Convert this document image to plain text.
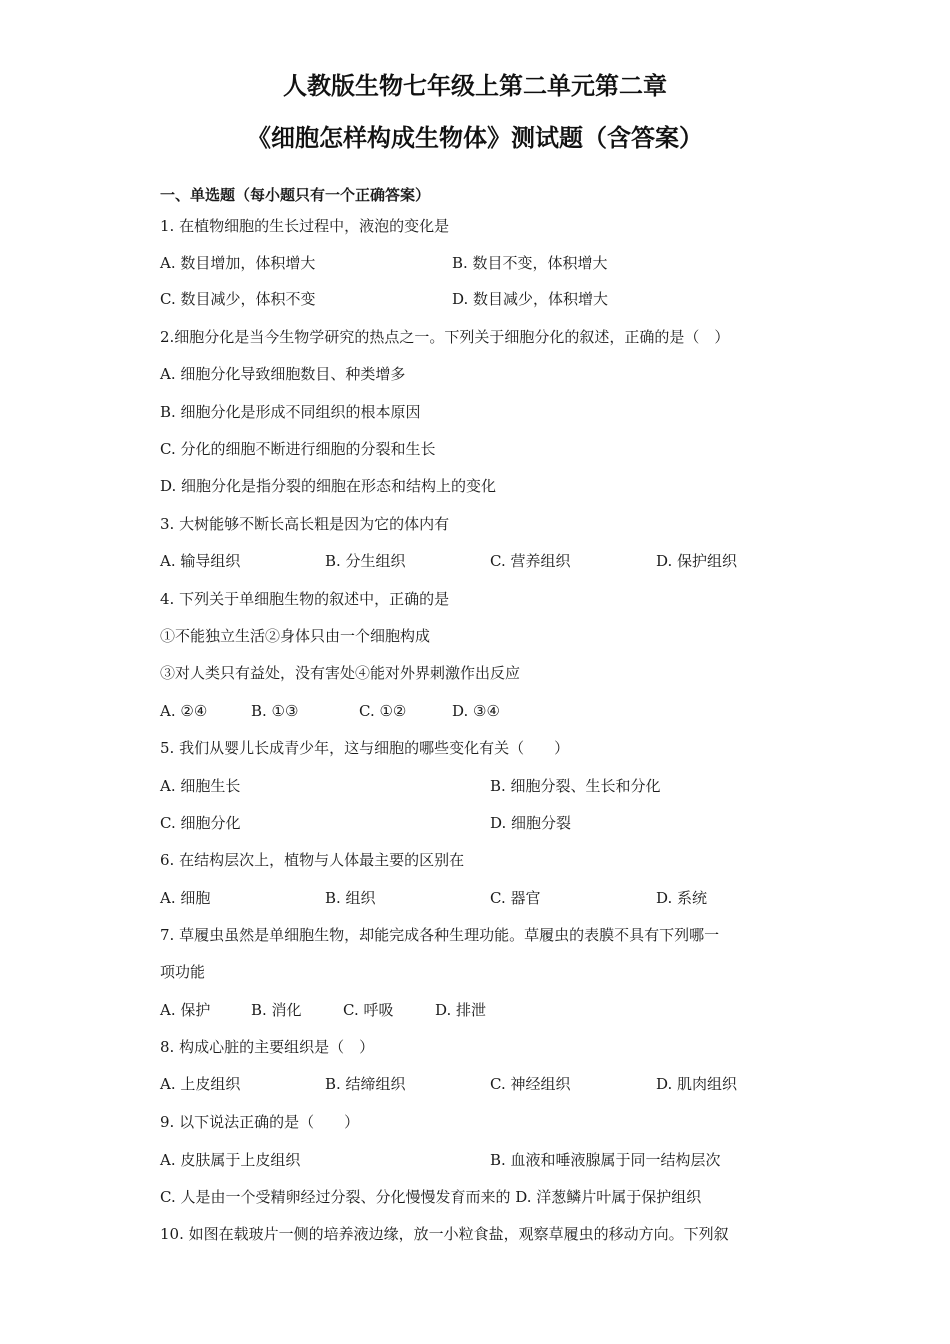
人教版生物七年级上第二单元第二章
《细胞怎样构成生物体》测试题（含答案）
一、单选题（每小题只有一个正确答案）
1. 在植物细胞的生长过程中，液泡的变化是
A. 数目增加，体积增大	B. 数目不变，体积增大
C. 数目减少，体积不变	D. 数目减少，体积增大
2.细胞分化是当今生物学研究的热点之一。下列关于细胞分化的叙述，正确的是（　）
A. 细胞分化导致细胞数目、种类增多
B. 细胞分化是形成不同组织的根本原因
C. 分化的细胞不断进行细胞的分裂和生长
D. 细胞分化是指分裂的细胞在形态和结构上的变化
3. 大树能够不断长高长粗是因为它的体内有
A. 输导组织	B. 分生组织	C. 营养组织	D. 保护组织
4. 下列关于单细胞生物的叙述中，正确的是
①不能独立生活②身体只由一个细胞构成
③对人类只有益处，没有害处④能对外界刺激作出反应
A. ②④	B. ①③	C. ①②	D. ③④
5. 我们从婴儿长成青少年，这与细胞的哪些变化有关（　　）
A. 细胞生长	B. 细胞分裂、生长和分化
C. 细胞分化	D. 细胞分裂
6. 在结构层次上，植物与人体最主要的区别在
A. 细胞	B. 组织	C. 器官	D. 系统
7. 草履虫虽然是单细胞生物，却能完成各种生理功能。草履虫的表膜不具有下列哪一
项功能
A. 保护	B. 消化	C. 呼吸	D. 排泄
8. 构成心脏的主要组织是（　）
A. 上皮组织	B. 结缔组织	C. 神经组织	D. 肌肉组织
9. 以下说法正确的是（　　）
A. 皮肤属于上皮组织	B. 血液和唾液腺属于同一结构层次
C. 人是由一个受精卵经过分裂、分化慢慢发育而来的 D. 洋葱鳞片叶属于保护组织
10. 如图在载玻片一侧的培养液边缘，放一小粒食盐，观察草履虫的移动方向。下列叙
